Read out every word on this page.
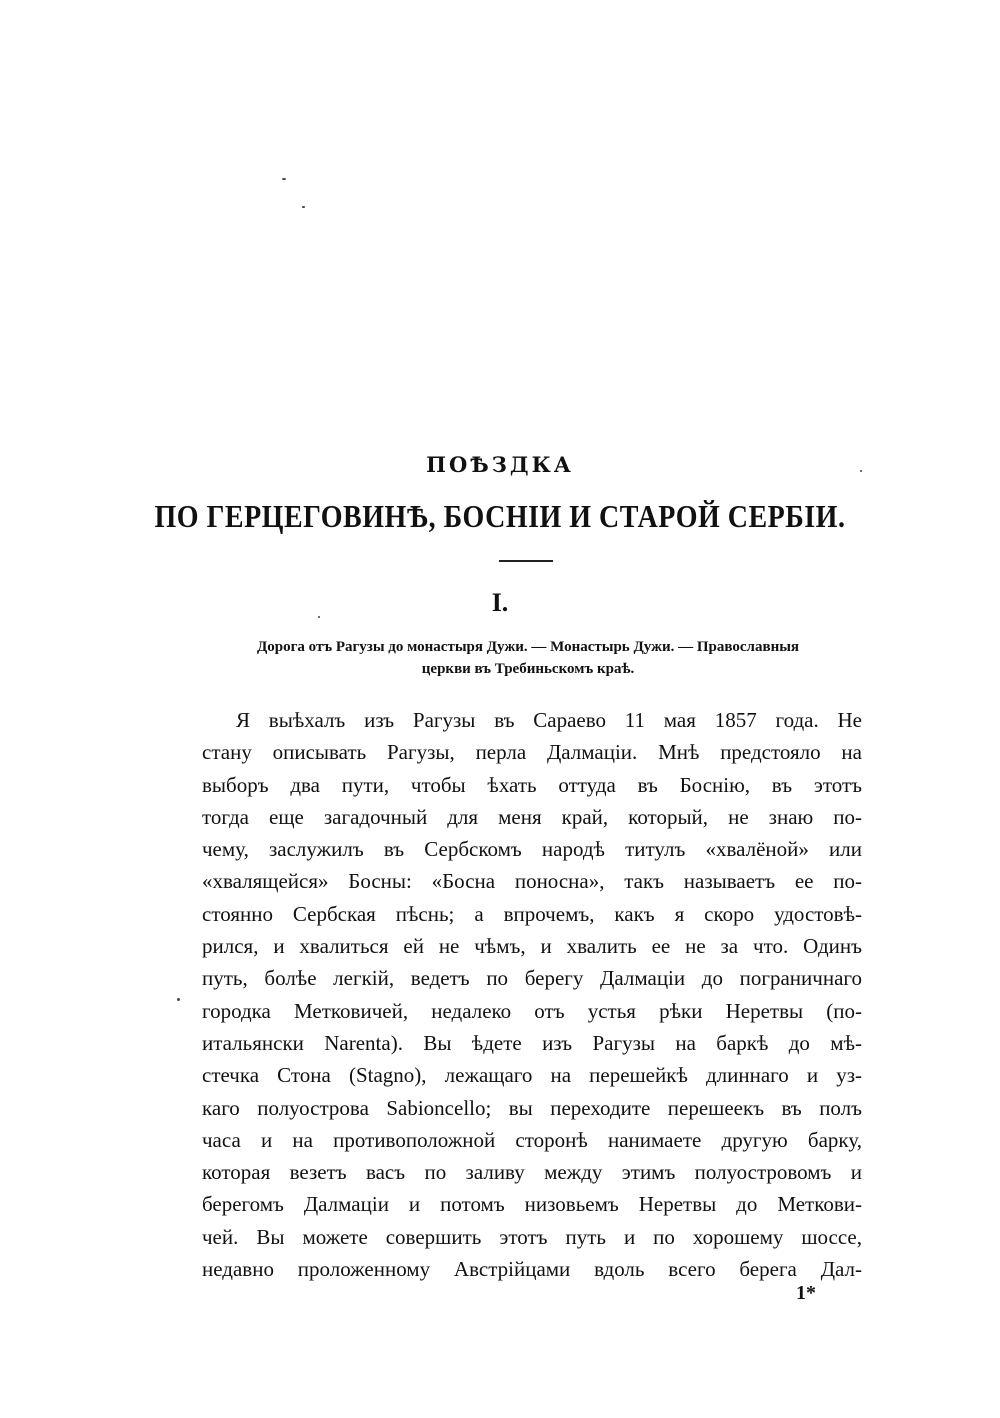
ПОѢЗДКА
ПО ГЕРЦЕГОВИНѢ, БОСНІИ И СТАРОЙ СЕРБІИ.
I.
Дорога отъ Рагузы до монастыря Дужи. — Монастырь Дужи. — Православныя
церкви въ Требиньскомъ краѣ.
Я выѣхалъ изъ Рагузы въ Сараево 11 мая 1857 года. Не
стану описывать Рагузы, перла Далмаціи. Мнѣ предстояло на
выборъ два пути, чтобы ѣхать оттуда въ Боснію, въ этотъ
тогда еще загадочный для меня край, который, не знаю по-
чему, заслужилъ въ Сербскомъ народѣ титулъ «хвалёной» или
«хвалящейся» Босны: «Босна поносна», такъ называетъ ее по-
стоянно Сербская пѣснь; а впрочемъ, какъ я скоро удостовѣ-
рился, и хвалиться ей не чѣмъ, и хвалить ее не за что. Одинъ
путь, болѣе легкій, ведетъ по берегу Далмаціи до пограничнаго
городка Метковичей, недалеко отъ устья рѣки Неретвы (по-
итальянски Narenta). Вы ѣдете изъ Рагузы на баркѣ до мѣ-
стечка Стона (Stagno), лежащаго на перешейкѣ длиннаго и уз-
каго полуострова Sabioncello; вы переходите перешеекъ въ полъ
часа и на противоположной сторонѣ нанимаете другую барку,
которая везетъ васъ по заливу между этимъ полуостровомъ и
берегомъ Далмаціи и потомъ низовьемъ Неретвы до Меткови-
чей. Вы можете совершить этотъ путь и по хорошему шоссе,
недавно проложенному Австрійцами вдоль всего берега Дал-
1*
